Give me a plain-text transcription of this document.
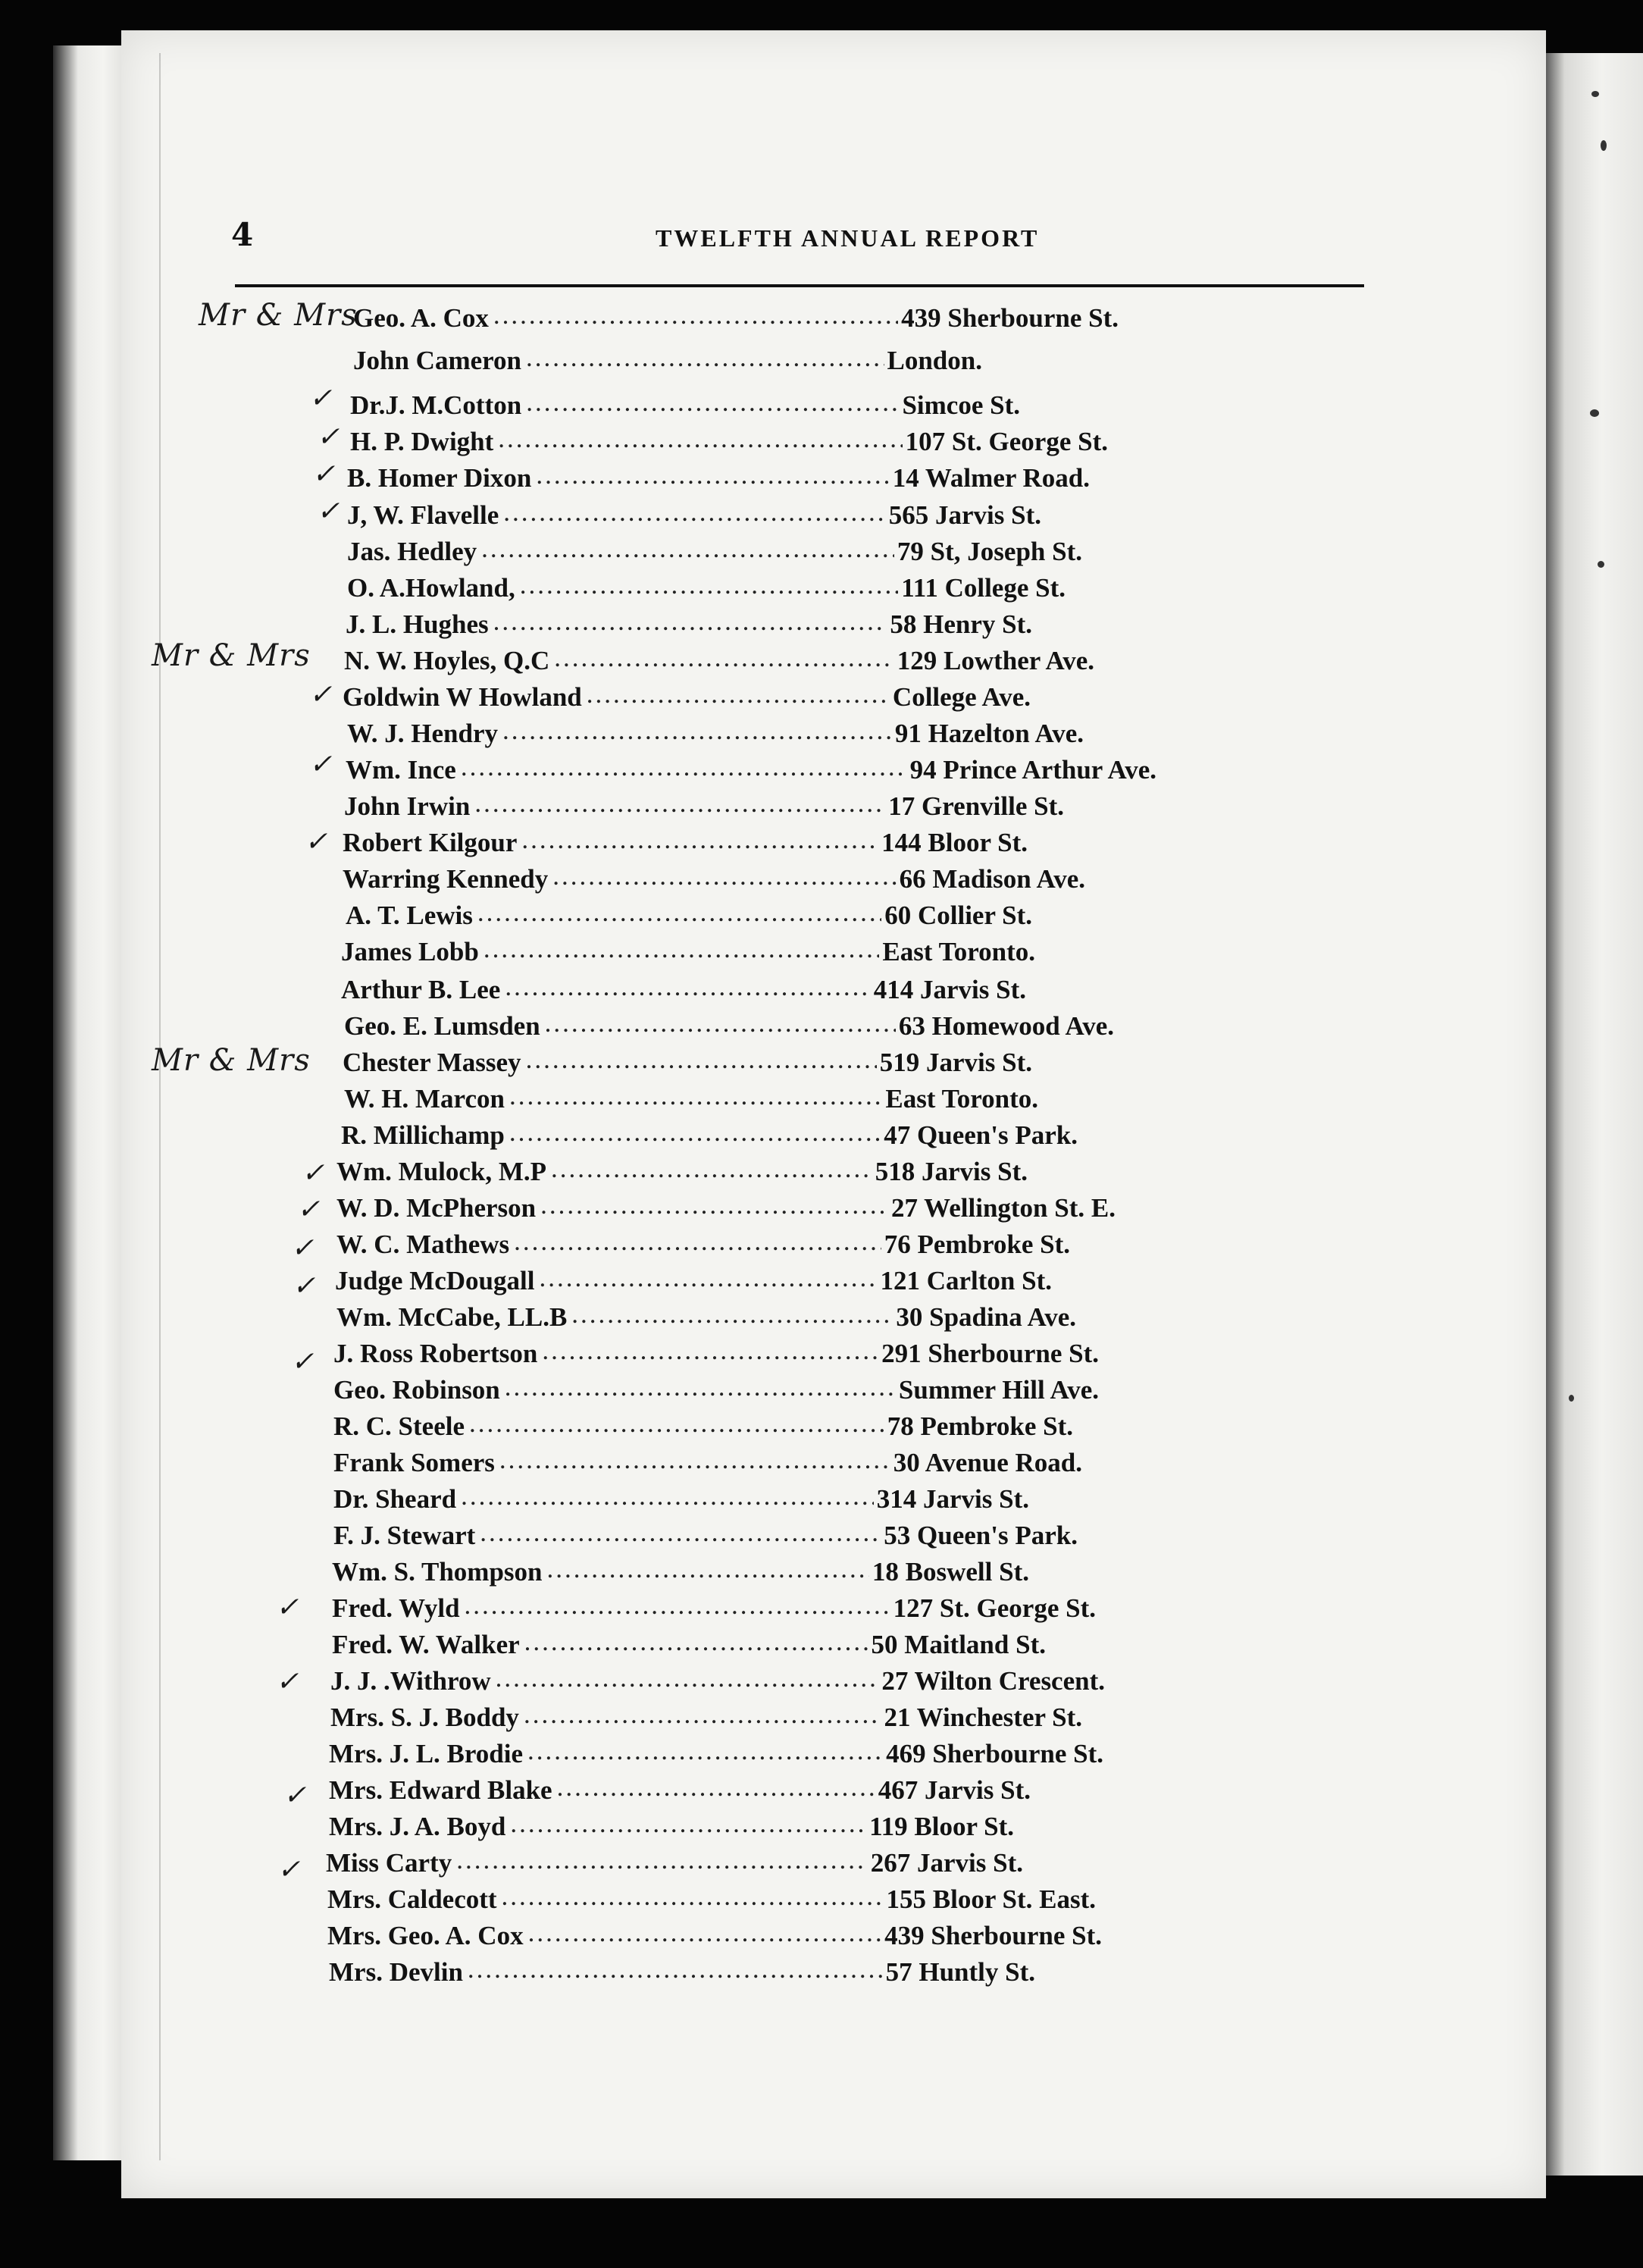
4	TWELFTH ANNUAL REPORT
Mr & Mrs
Mr & Mrs
Mr & Mrs
✓
✓
✓
✓
✓
✓
✓
✓
✓
✓
✓
✓
✓
✓
✓
✓
Geo. A. Cox .....	439 Sherbourne St.
John Cameron .....	London.
Dr.J. M.Cotton .....	Simcoe St.
H. P. Dwight .....	107 St. George St.
B. Homer Dixon .....	14 Walmer Road.
J, W. Flavelle .....	565 Jarvis St.
Jas. Hedley .....	79 St, Joseph St.
O. A.Howland, .....	111 College St.
J. L. Hughes .....	58 Henry St.
N. W. Hoyles, Q.C .....	129 Lowther Ave.
Goldwin W Howland .....	College Ave.
W. J. Hendry .....	91 Hazelton Ave.
Wm. Ince .....	94 Prince Arthur Ave.
John Irwin .....	17 Grenville St.
Robert Kilgour .....	144 Bloor St.
Warring Kennedy .....	66 Madison Ave.
A. T. Lewis .....	60 Collier St.
James Lobb .....	East Toronto.
Arthur B. Lee .....	414 Jarvis St.
Geo. E. Lumsden .....	63 Homewood Ave.
Chester Massey .....	519 Jarvis St.
W. H. Marcon .....	East Toronto.
R. Millichamp .....	47 Queen's Park.
Wm. Mulock, M.P .....	518 Jarvis St.
W. D. McPherson .....	27 Wellington St. E.
W. C. Mathews .....	76 Pembroke St.
Judge McDougall .....	121 Carlton St.
Wm. McCabe, LL.B .....	30 Spadina Ave.
J. Ross Robertson .....	291 Sherbourne St.
Geo. Robinson .....	Summer Hill Ave.
R. C. Steele .....	78 Pembroke St.
Frank Somers .....	30 Avenue Road.
Dr. Sheard .....	314 Jarvis St.
F. J. Stewart .....	53 Queen's Park.
Wm. S. Thompson .....	18 Boswell St.
Fred. Wyld .....	127 St. George St.
Fred. W. Walker .....	50 Maitland St.
J. J. .Withrow .....	27 Wilton Crescent.
Mrs. S. J. Boddy .....	21 Winchester St.
Mrs. J. L. Brodie .....	469 Sherbourne St.
Mrs. Edward Blake .....	467 Jarvis St.
Mrs. J. A. Boyd .....	119 Bloor St.
Miss Carty .....	267 Jarvis St.
Mrs. Caldecott .....	155 Bloor St. East.
Mrs. Geo. A. Cox .....	439 Sherbourne St.
Mrs. Devlin .....	57 Huntly St.
